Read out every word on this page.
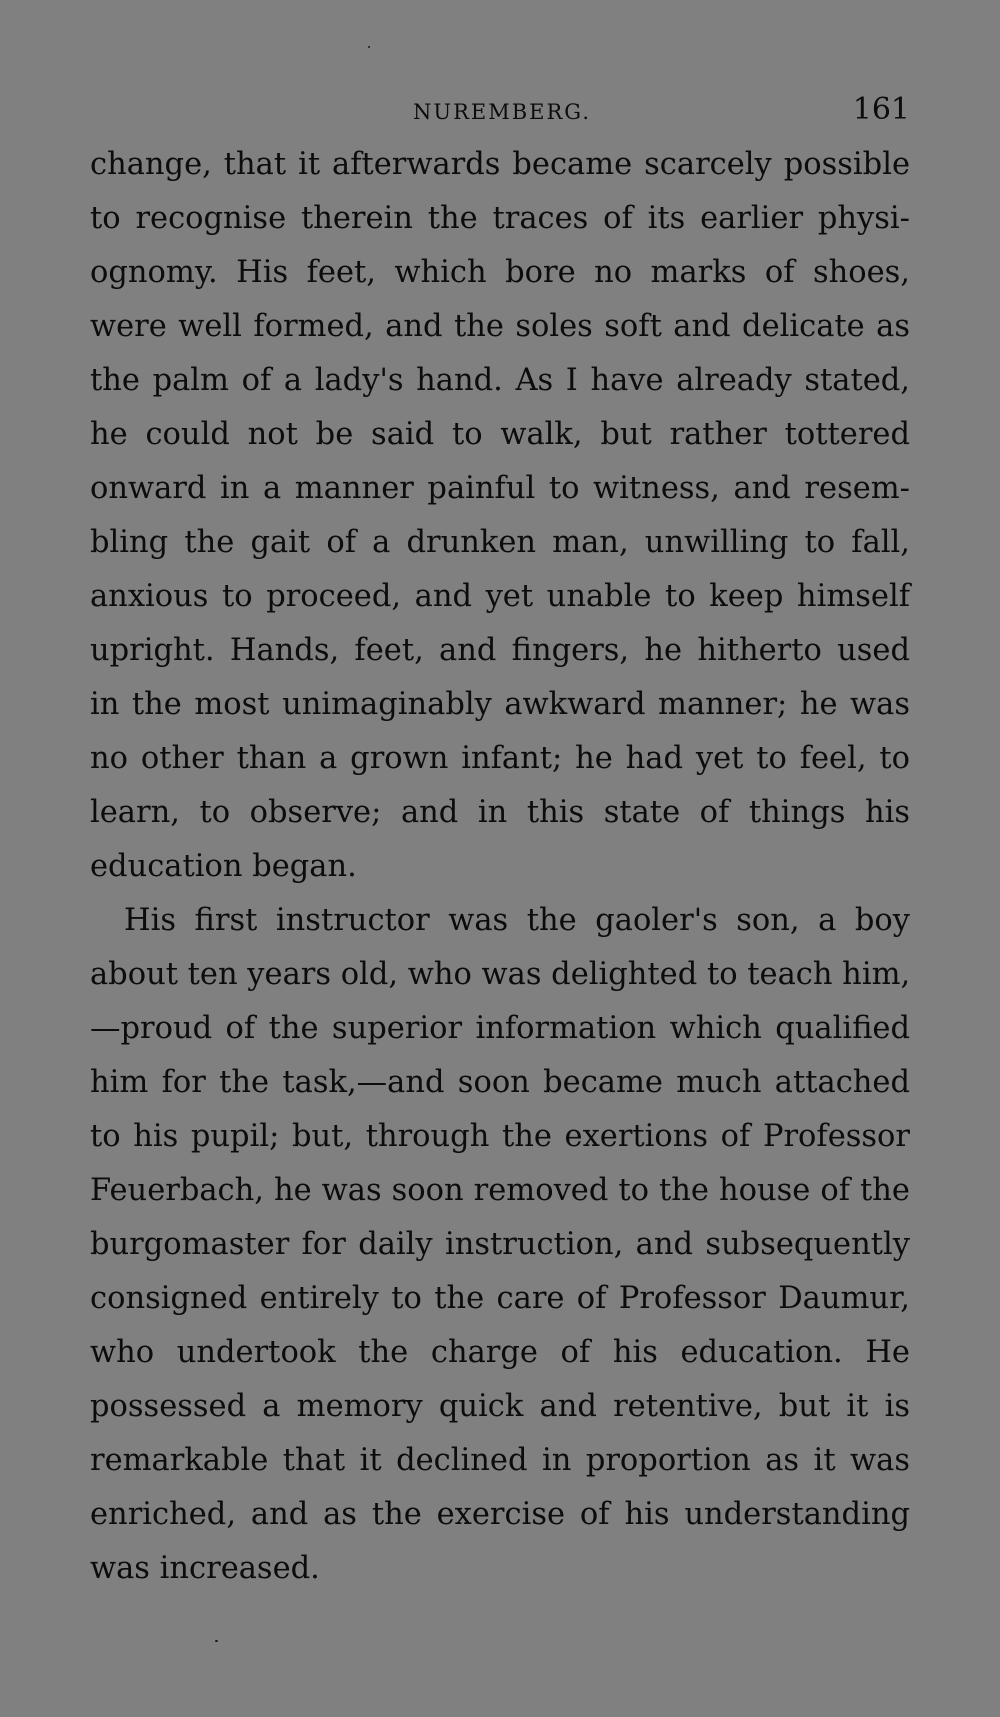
NUREMBERG.	161
change, that it afterwards became scarcely possible
to recognise therein the traces of its earlier physi-
ognomy. His feet, which bore no marks of shoes,
were well formed, and the soles soft and delicate as
the palm of a lady's hand. As I have already stated,
he could not be said to walk, but rather tottered
onward in a manner painful to witness, and resem-
bling the gait of a drunken man, unwilling to fall,
anxious to proceed, and yet unable to keep himself
upright. Hands, feet, and fingers, he hitherto used
in the most unimaginably awkward manner; he was
no other than a grown infant; he had yet to feel, to
learn, to observe; and in this state of things his
education began.
His first instructor was the gaoler's son, a boy
about ten years old, who was delighted to teach him,
—proud of the superior information which qualified
him for the task,—and soon became much attached
to his pupil; but, through the exertions of Professor
Feuerbach, he was soon removed to the house of the
burgomaster for daily instruction, and subsequently
consigned entirely to the care of Professor Daumur,
who undertook the charge of his education. He
possessed a memory quick and retentive, but it is
remarkable that it declined in proportion as it was
enriched, and as the exercise of his understanding
was increased.
